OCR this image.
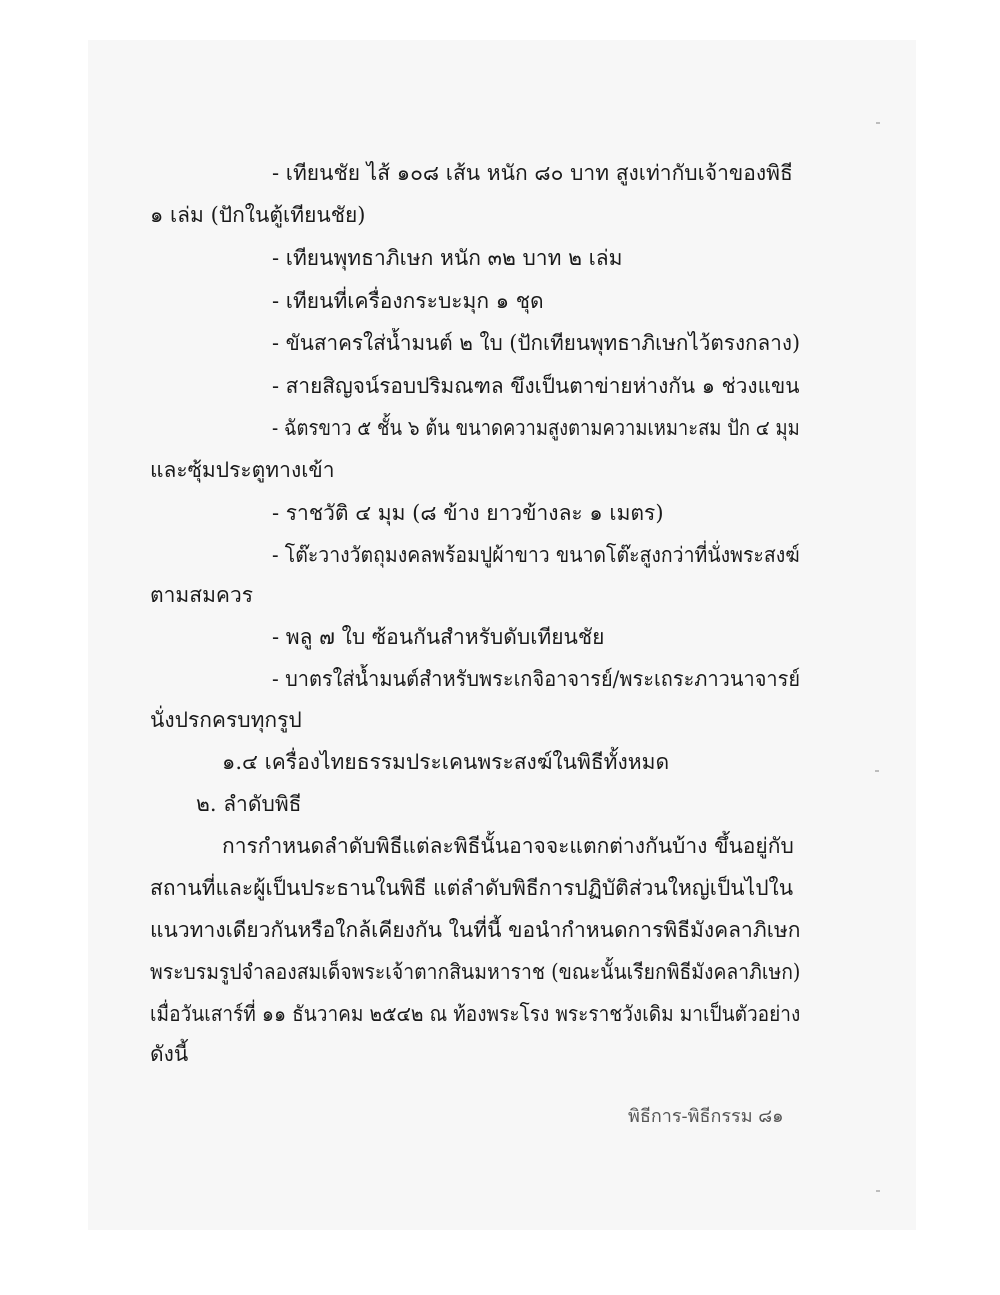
- เทียนชัย ไส้ ๑๐๘ เส้น หนัก ๘๐ บาท สูงเท่ากับเจ้าของพิธี
๑ เล่ม (ปักในตู้เทียนชัย)
- เทียนพุทธาภิเษก หนัก ๓๒ บาท ๒ เล่ม
- เทียนที่เครื่องกระบะมุก ๑ ชุด
- ขันสาครใส่น้ำมนต์ ๒ ใบ (ปักเทียนพุทธาภิเษกไว้ตรงกลาง)
- สายสิญจน์รอบปริมณฑล ขึงเป็นตาข่ายห่างกัน ๑ ช่วงแขน
- ฉัตรขาว ๕ ชั้น ๖ ต้น ขนาดความสูงตามความเหมาะสม ปัก ๔ มุม
และซุ้มประตูทางเข้า
- ราชวัติ ๔ มุม (๘ ข้าง ยาวข้างละ ๑ เมตร)
- โต๊ะวางวัตถุมงคลพร้อมปูผ้าขาว ขนาดโต๊ะสูงกว่าที่นั่งพระสงฆ์
ตามสมควร
- พลู ๗ ใบ ซ้อนกันสำหรับดับเทียนชัย
- บาตรใส่น้ำมนต์สำหรับพระเกจิอาจารย์/พระเถระภาวนาจารย์
นั่งปรกครบทุกรูป
๑.๔ เครื่องไทยธรรมประเคนพระสงฆ์ในพิธีทั้งหมด
๒. ลำดับพิธี
การกำหนดลำดับพิธีแต่ละพิธีนั้นอาจจะแตกต่างกันบ้าง ขึ้นอยู่กับ
สถานที่และผู้เป็นประธานในพิธี แต่ลำดับพิธีการปฏิบัติส่วนใหญ่เป็นไปใน
แนวทางเดียวกันหรือใกล้เคียงกัน ในที่นี้ ขอนำกำหนดการพิธีมังคลาภิเษก
พระบรมรูปจำลองสมเด็จพระเจ้าตากสินมหาราช (ขณะนั้นเรียกพิธีมังคลาภิเษก)
เมื่อวันเสาร์ที่ ๑๑ ธันวาคม ๒๕๔๒ ณ ท้องพระโรง พระราชวังเดิม มาเป็นตัวอย่าง
ดังนี้
พิธีการ-พิธีกรรม ๘๑
